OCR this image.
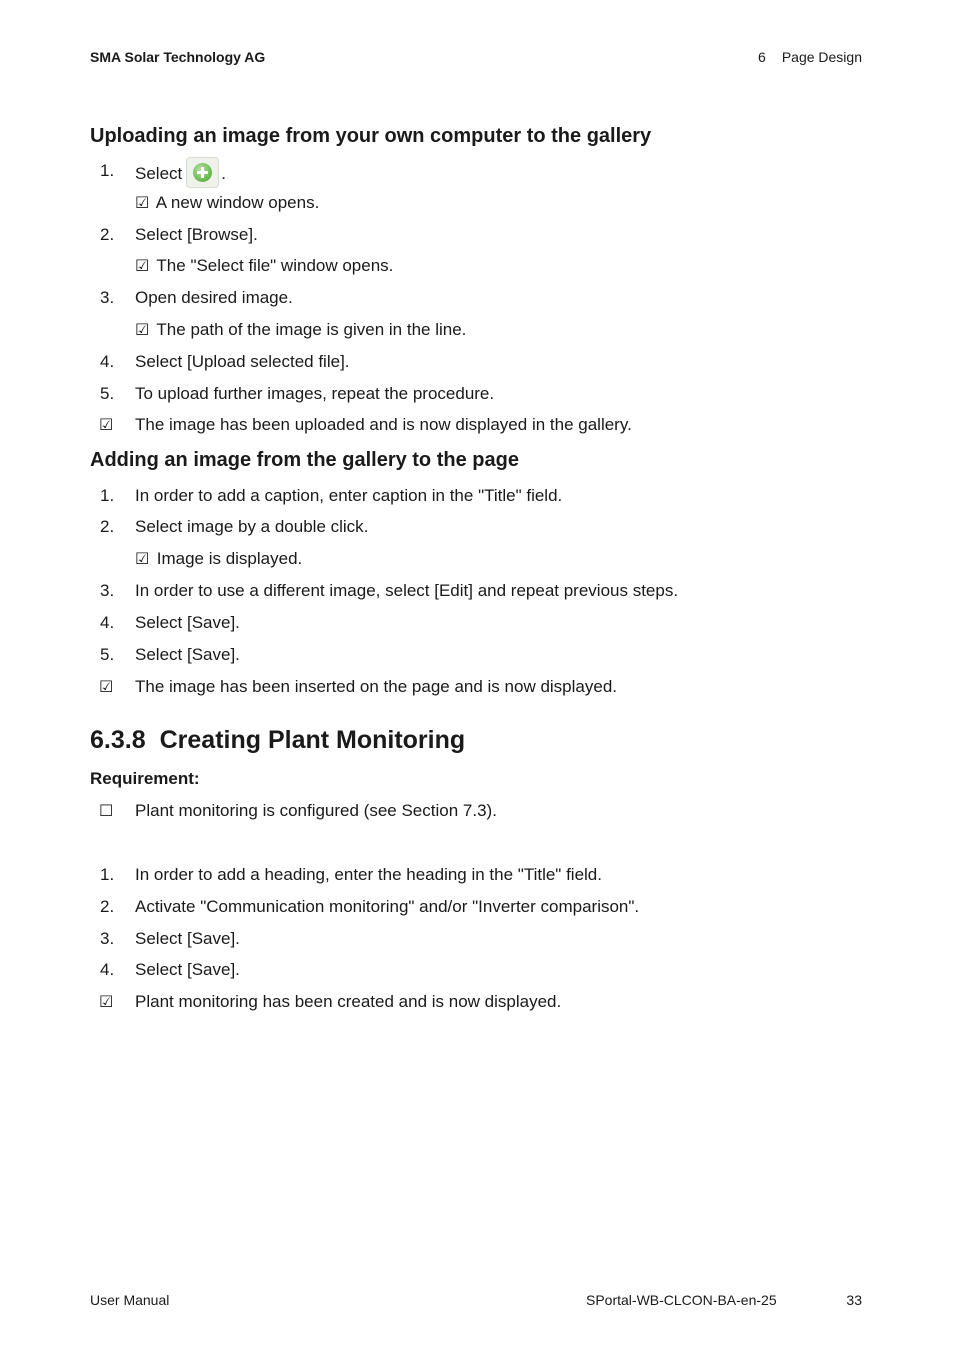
SMA Solar Technology AG	6 Page Design
Uploading an image from your own computer to the gallery
1.	Select .
☑ A new window opens.
2.	Select [Browse].
☑ The "Select file" window opens.
3.	Open desired image.
☑ The path of the image is given in the line.
4.	Select [Upload selected file].
5.	To upload further images, repeat the procedure.
☑ The image has been uploaded and is now displayed in the gallery.
Adding an image from the gallery to the page
1.	In order to add a caption, enter caption in the "Title" field.
2.	Select image by a double click.
☑ Image is displayed.
3.	In order to use a different image, select [Edit] and repeat previous steps.
4.	Select [Save].
5.	Select [Save].
☑ The image has been inserted on the page and is now displayed.
6.3.8 Creating Plant Monitoring
Requirement:
☐ Plant monitoring is configured (see Section 7.3).
1.	In order to add a heading, enter the heading in the "Title" field.
2.	Activate "Communication monitoring" and/or "Inverter comparison".
3.	Select [Save].
4.	Select [Save].
☑ Plant monitoring has been created and is now displayed.
User Manual	SPortal-WB-CLCON-BA-en-25	33
